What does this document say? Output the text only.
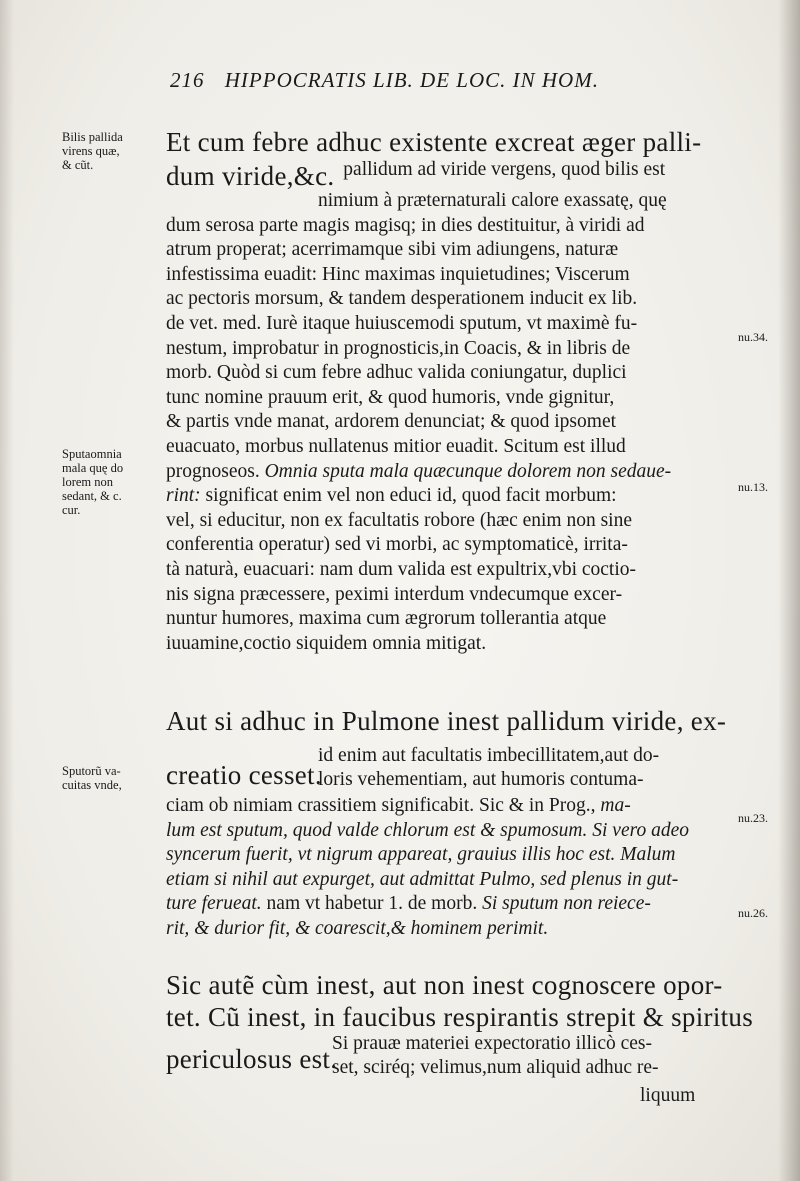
216 HIPPOCRATIS LIB. DE LOC. IN HOM.
Bilis pallida
virens quæ,
& cũt.
Sputaomnia
mala quę do
lorem non
sedant, & c.
cur.
Sputorũ va-
cuitas vnde,
nu.34.
nu.13.
nu.23.
nu.26.
Et cum febre adhuc existente excreat æger palli-
dum viride,&c. pallidum ad viride vergens, quod bilis est
nimium à præternaturali calore exassatę, quę
dum serosa parte magis magisq; in dies destituitur, à viridi ad
atrum properat; acerrimamque sibi vim adiungens, naturæ
infestissima euadit: Hinc maximas inquietudines; Viscerum
ac pectoris morsum, & tandem desperationem inducit ex lib.
de vet. med. Iurè itaque huiuscemodi sputum, vt maximè fu-
nestum, improbatur in prognosticis,in Coacis, & in libris de
morb. Quòd si cum febre adhuc valida coniungatur, duplici
tunc nomine prauum erit, & quod humoris, vnde gignitur,
& partis vnde manat, ardorem denunciat; & quod ipsomet
euacuato, morbus nullatenus mitior euadit. Scitum est illud
prognoseos. Omnia sputa mala quæcunque dolorem non sedaue-
rint: significat enim vel non educi id, quod facit morbum:
vel, si educitur, non ex facultatis robore (hæc enim non sine
conferentia operatur) sed vi morbi, ac symptomaticè, irrita-
tà naturà, euacuari: nam dum valida est expultrix,vbi coctio-
nis signa præcessere, peximi interdum vndecumque excer-
nuntur humores, maxima cum ægrorum tollerantia atque
iuuamine,coctio siquidem omnia mitigat.
Aut si adhuc in Pulmone inest pallidum viride, ex-
creatio cesset.
id enim aut facultatis imbecillitatem,aut do-
loris vehementiam, aut humoris contuma-
ciam ob nimiam crassitiem significabit. Sic & in Prog., ma-
lum est sputum, quod valde chlorum est & spumosum. Si vero adeo
syncerum fuerit, vt nigrum appareat, grauius illis hoc est. Malum
etiam si nihil aut expurget, aut admittat Pulmo, sed plenus in gut-
ture ferueat. nam vt habetur 1. de morb. Si sputum non reiece-
rit, & durior fit, & coarescit,& hominem perimit.
Sic autẽ cùm inest, aut non inest cognoscere opor-
tet. Cũ inest, in faucibus respirantis strepit & spiritus
periculosus est.
Si prauæ materiei expectoratio illicò ces-
set, sciréq; velimus,num aliquid adhuc re-
liquum
